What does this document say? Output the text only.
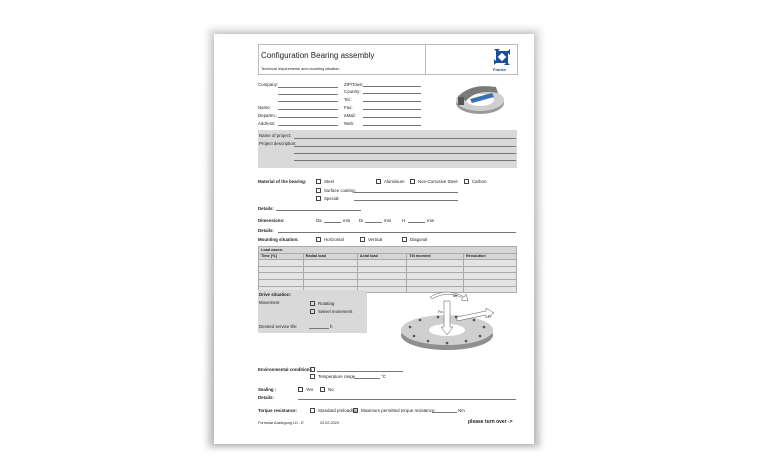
Configuration Bearing assembly
Technical requirements and mounting situation	Franke
Company:
Name:
Departm.:
Address:
ZIP/Town:
Country:
Tel.:
Fax:
eMail:
Web:
Name of project:
Project description:
Material of the bearing:	Steel	Aluminium	Non-Corrosive Steel	Carbon
Surface coating:
Special:
Details:
Dimensions:	Da	mm Di	mm H	mm
Details:
Mounting situation:	Horizontal	Vertical	Diagonal
Load cases:				
Time [%]	Radial load	Axial load	Tilt moment	Revolution

Drive situation:
Movement	Rotating
Swivel movement
Desired service life:	h
Mt
Fa
Fr
Environmental conditions
Temperature range	°C
Sealing :	Yes	No
Details:
Torque resistance:	Standard preloading Maximum permitted torque resistance:	Nm
Formular Auslegung LD - E	20.02.2020	please turn over ->
